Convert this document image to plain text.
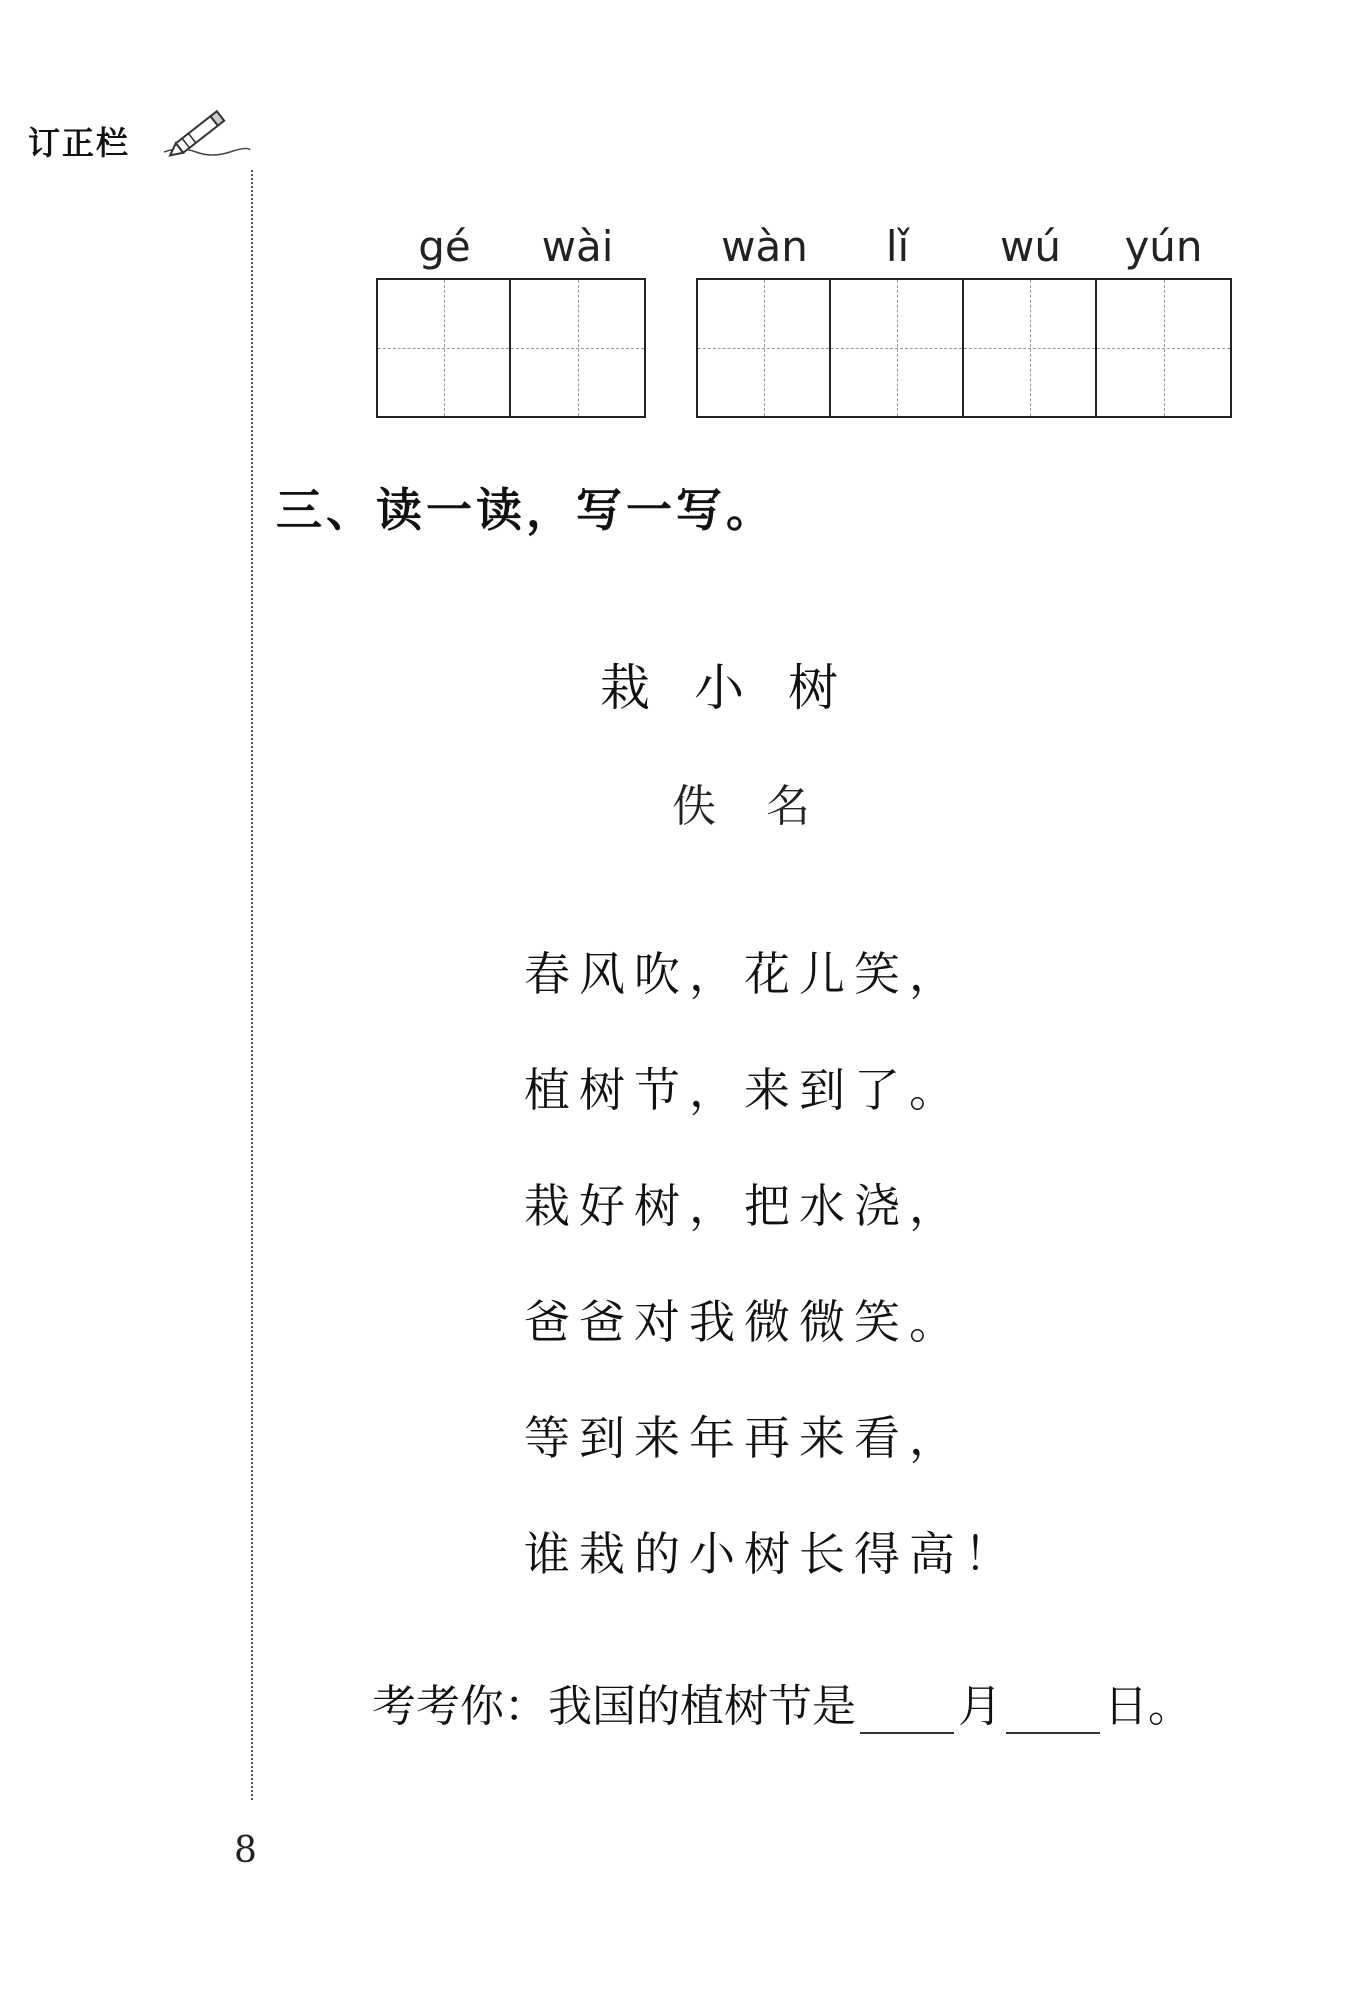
订正栏
gé	wài	wàn	lǐ	wú	yún
三、读一读，写一写。
栽小树
佚名
春风吹，花儿笑，
植树节，来到了。
栽好树，把水浇，
爸爸对我微微笑。
等到来年再来看，
谁栽的小树长得高！
考考你：我国的植树节是 月 日。
8
